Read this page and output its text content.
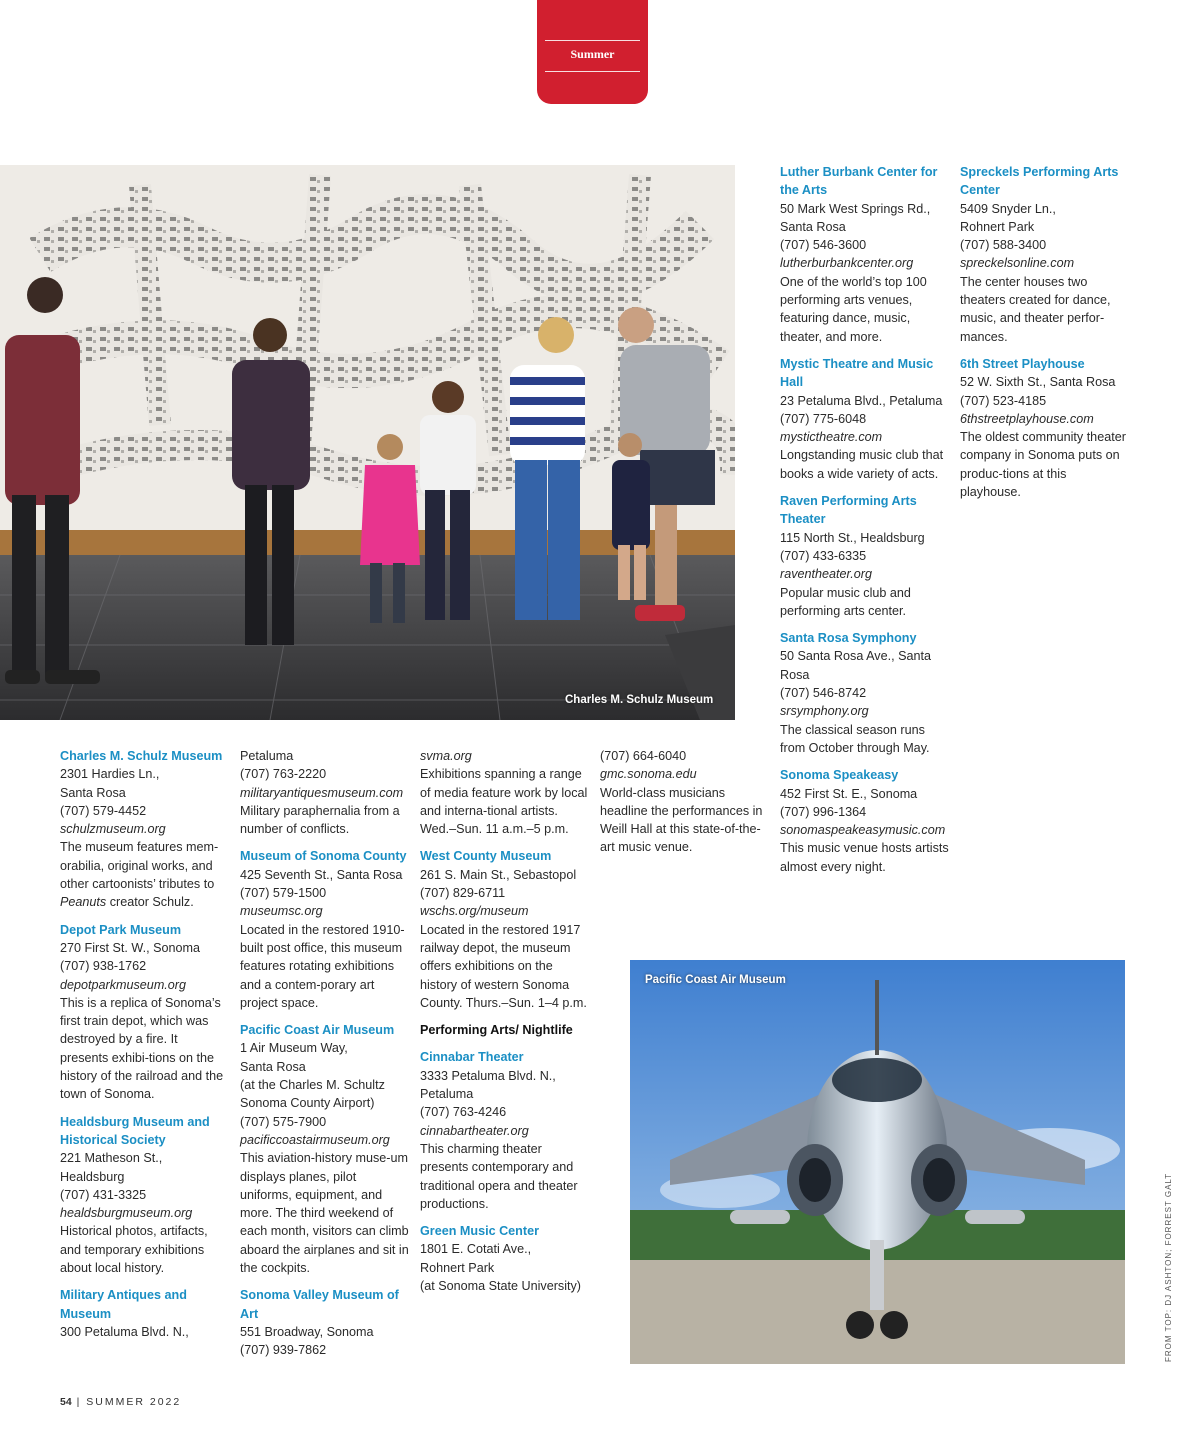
Summer
Charles M. Schulz Museum
Pacific Coast Air Museum

Charles M. Schulz Museum

2301 Hardies Ln.,

Santa Rosa

(707) 579-4452

schulzmuseum.org

The museum features mem-orabilia, original works, and other cartoonists’ tributes to Peanuts creator Schulz.

Depot Park Museum

270 First St. W., Sonoma

(707) 938-1762

depotparkmuseum.org

This is a replica of Sonoma’s first train depot, which was destroyed by a fire. It presents exhibi-tions on the history of the railroad and the town of Sonoma.

Healdsburg Museum and Historical Society

221 Matheson St.,

Healdsburg

(707) 431-3325

healdsburgmuseum.org

Historical photos, artifacts, and temporary exhibitions about local history.

Military Antiques and Museum

300 Petaluma Blvd. N.,

Petaluma

(707) 763-2220

militaryantiquesmuseum.com

Military paraphernalia from a number of conflicts.

Museum of Sonoma County

425 Seventh St., Santa Rosa

(707) 579-1500

museumsc.org

Located in the restored 1910-built post office, this museum features rotating exhibitions and a contem-porary art project space.

Pacific Coast Air Museum

1 Air Museum Way,

Santa Rosa

(at the Charles M. Schultz Sonoma County Airport)

(707) 575-7900

pacificcoastairmuseum.org

This aviation-history muse-um displays planes, pilot uniforms, equipment, and more. The third weekend of each month, visitors can climb aboard the airplanes and sit in the cockpits.

Sonoma Valley Museum of Art

551 Broadway, Sonoma

(707) 939-7862

svma.org

Exhibitions spanning a range of media feature work by local and interna-tional artists. Wed.–Sun. 11 a.m.–5 p.m.

West County Museum

261 S. Main St., Sebastopol

(707) 829-6711

wschs.org/museum

Located in the restored 1917 railway depot, the museum offers exhibitions on the history of western Sonoma County. Thurs.–Sun. 1–4 p.m.

Performing Arts/ Nightlife

Cinnabar Theater

3333 Petaluma Blvd. N.,

Petaluma

(707) 763-4246

cinnabartheater.org

This charming theater presents contemporary and traditional opera and theater productions.

Green Music Center

1801 E. Cotati Ave.,

Rohnert Park

(at Sonoma State University)

(707) 664-6040

gmc.sonoma.edu

World-class musicians headline the performances in Weill Hall at this state-of-the-art music venue.

Luther Burbank Center for the Arts

50 Mark West Springs Rd.,

Santa Rosa

(707) 546-3600

lutherburbankcenter.org

One of the world’s top 100 performing arts venues, featuring dance, music, theater, and more.

Mystic Theatre and Music Hall

23 Petaluma Blvd., Petaluma

(707) 775-6048

mystictheatre.com

Longstanding music club that books a wide variety of acts.

Raven Performing Arts Theater

115 North St., Healdsburg

(707) 433-6335

raventheater.org

Popular music club and performing arts center.

Santa Rosa Symphony

50 Santa Rosa Ave., Santa Rosa

(707) 546-8742

srsymphony.org

The classical season runs from October through May.

Sonoma Speakeasy

452 First St. E., Sonoma

(707) 996-1364

sonomaspeakeasymusic.com

This music venue hosts artists almost every night.

Spreckels Performing Arts Center

5409 Snyder Ln.,

Rohnert Park

(707) 588-3400

spreckelsonline.com

The center houses two theaters created for dance, music, and theater perfor-mances.

6th Street Playhouse

52 W. Sixth St., Santa Rosa

(707) 523-4185

6thstreetplayhouse.com

The oldest community theater company in Sonoma puts on produc-tions at this playhouse.

54 | SUMMER 2022
FROM TOP: DJ ASHTON; FORREST GALT
